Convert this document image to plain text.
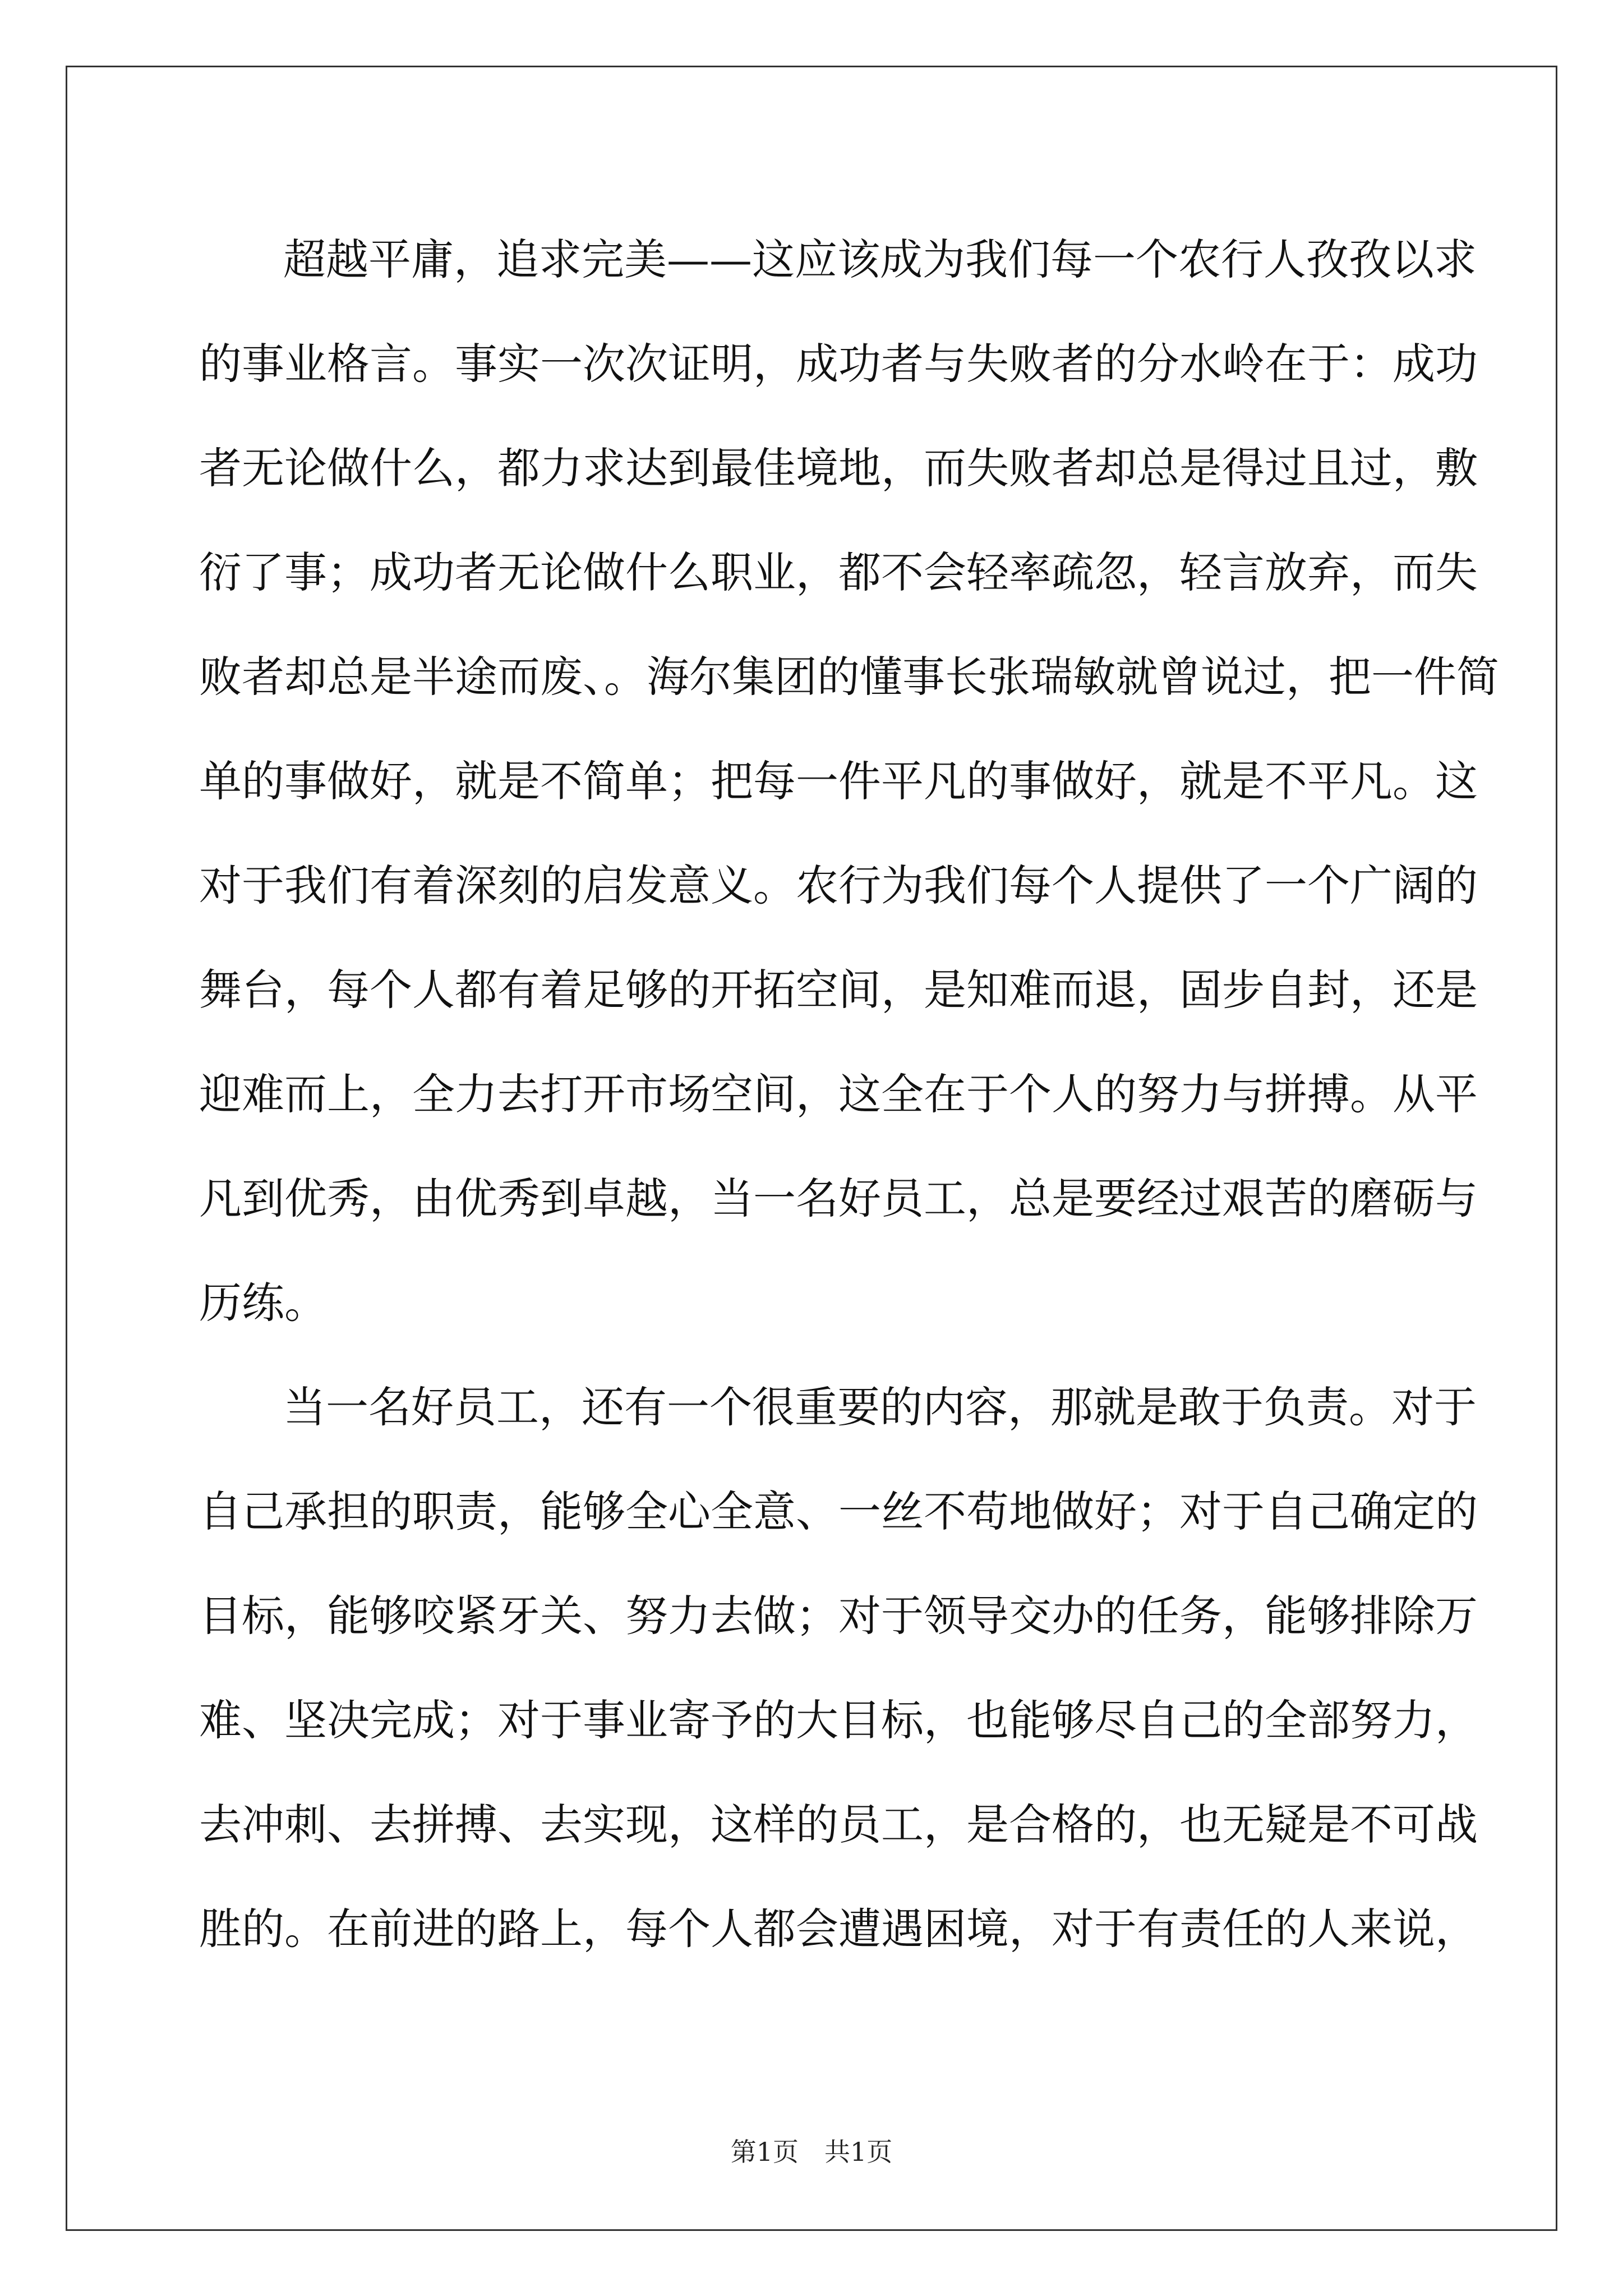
超越平庸，追求完美——这应该成为我们每一个农行人孜孜以求
的事业格言。事实一次次证明，成功者与失败者的分水岭在于：成功
者无论做什么，都力求达到最佳境地，而失败者却总是得过且过，敷
衍了事；成功者无论做什么职业，都不会轻率疏忽，轻言放弃，而失
败者却总是半途而废、。海尔集团的懂事长张瑞敏就曾说过，把一件简
单的事做好，就是不简单；把每一件平凡的事做好，就是不平凡。这
对于我们有着深刻的启发意义。农行为我们每个人提供了一个广阔的
舞台，每个人都有着足够的开拓空间，是知难而退，固步自封，还是
迎难而上，全力去打开市场空间，这全在于个人的努力与拼搏。从平
凡到优秀，由优秀到卓越，当一名好员工，总是要经过艰苦的磨砺与
历练。
当一名好员工，还有一个很重要的内容，那就是敢于负责。对于
自己承担的职责，能够全心全意、一丝不苟地做好；对于自己确定的
目标，能够咬紧牙关、努力去做；对于领导交办的任务，能够排除万
难、坚决完成；对于事业寄予的大目标，也能够尽自己的全部努力，
去冲刺、去拼搏、去实现，这样的员工，是合格的，也无疑是不可战
胜的。在前进的路上，每个人都会遭遇困境，对于有责任的人来说，
第1页　共1页
